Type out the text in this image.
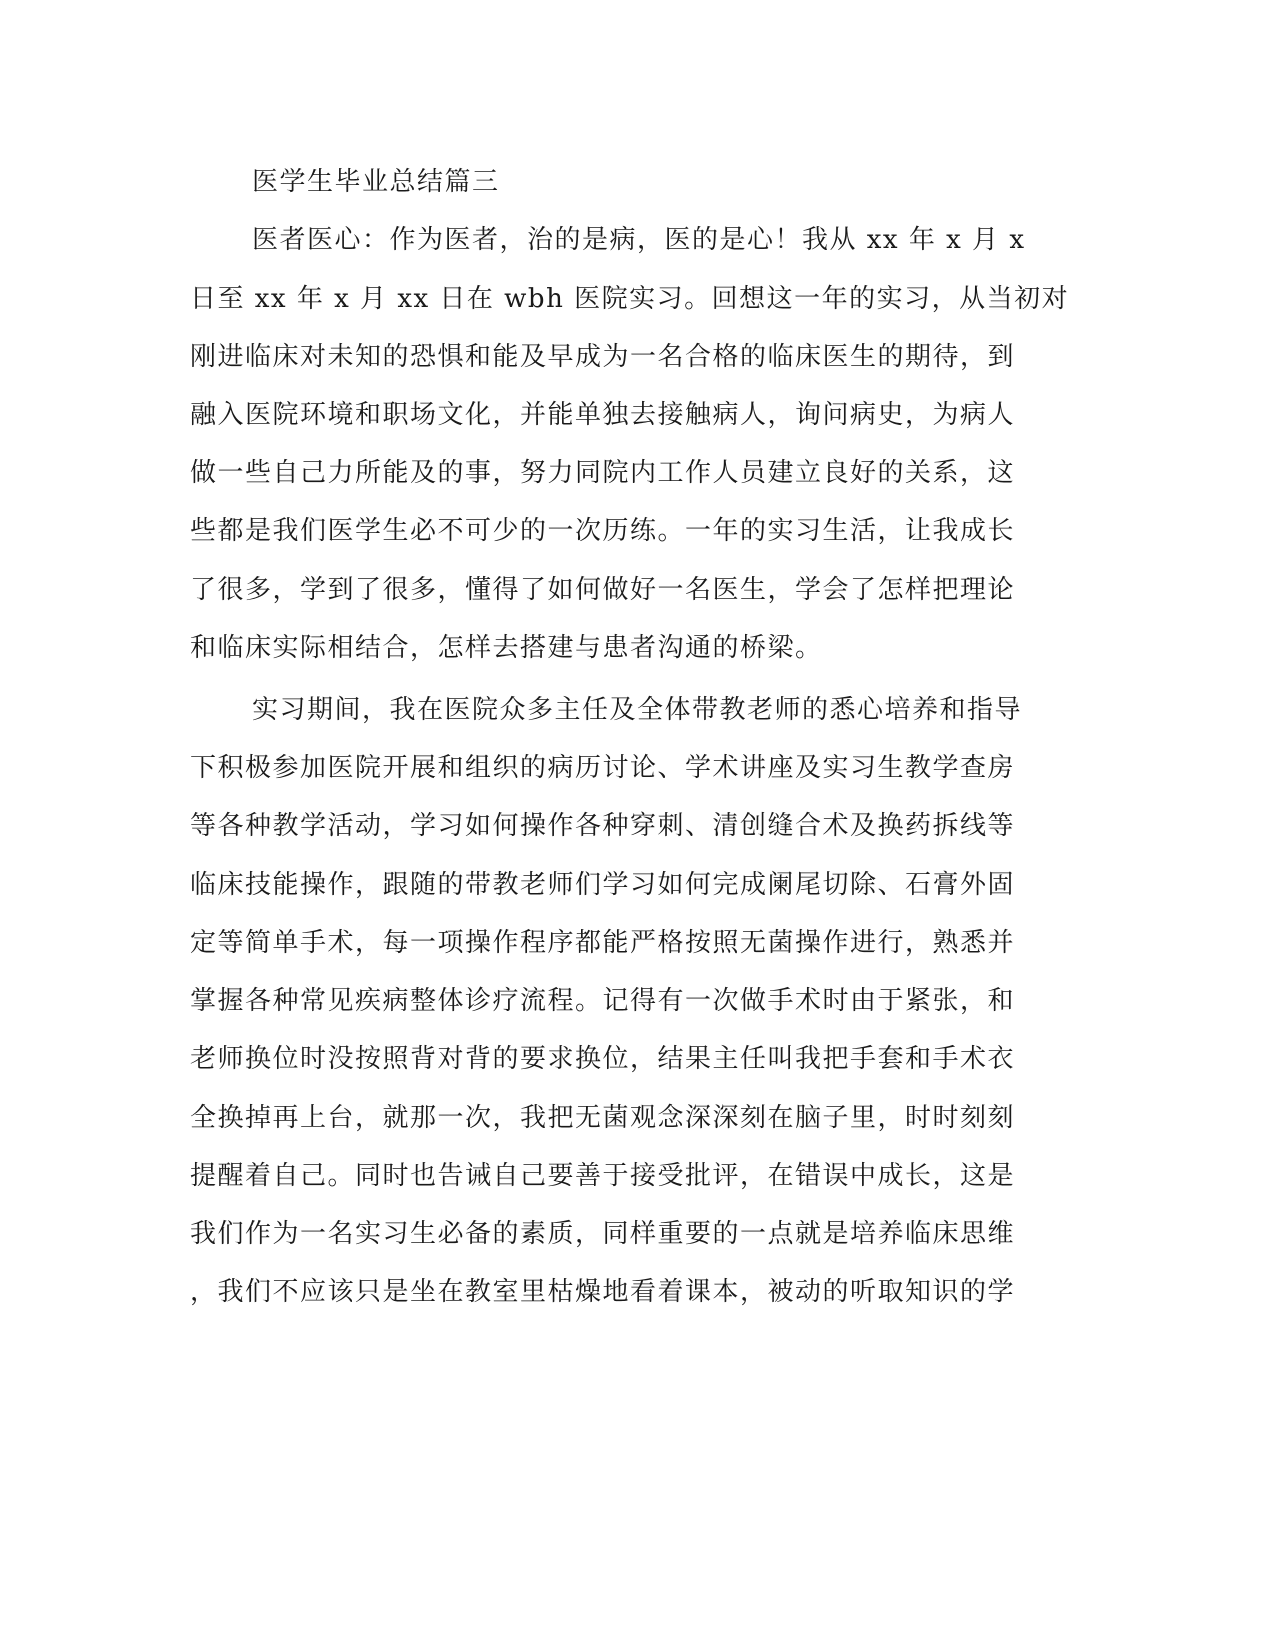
医学生毕业总结篇三
医者医心：作为医者，治的是病，医的是心！我从 xx 年 x 月 x
日至 xx 年 x 月 xx 日在 wbh 医院实习。回想这一年的实习，从当初对
刚进临床对未知的恐惧和能及早成为一名合格的临床医生的期待，到
融入医院环境和职场文化，并能单独去接触病人，询问病史，为病人
做一些自己力所能及的事，努力同院内工作人员建立良好的关系，这
些都是我们医学生必不可少的一次历练。一年的实习生活，让我成长
了很多，学到了很多，懂得了如何做好一名医生，学会了怎样把理论
和临床实际相结合，怎样去搭建与患者沟通的桥梁。
实习期间，我在医院众多主任及全体带教老师的悉心培养和指导
下积极参加医院开展和组织的病历讨论、学术讲座及实习生教学查房
等各种教学活动，学习如何操作各种穿刺、清创缝合术及换药拆线等
临床技能操作，跟随的带教老师们学习如何完成阑尾切除、石膏外固
定等简单手术，每一项操作程序都能严格按照无菌操作进行，熟悉并
掌握各种常见疾病整体诊疗流程。记得有一次做手术时由于紧张，和
老师换位时没按照背对背的要求换位，结果主任叫我把手套和手术衣
全换掉再上台，就那一次，我把无菌观念深深刻在脑子里，时时刻刻
提醒着自己。同时也告诫自己要善于接受批评，在错误中成长，这是
我们作为一名实习生必备的素质，同样重要的一点就是培养临床思维
，我们不应该只是坐在教室里枯燥地看着课本，被动的听取知识的学
